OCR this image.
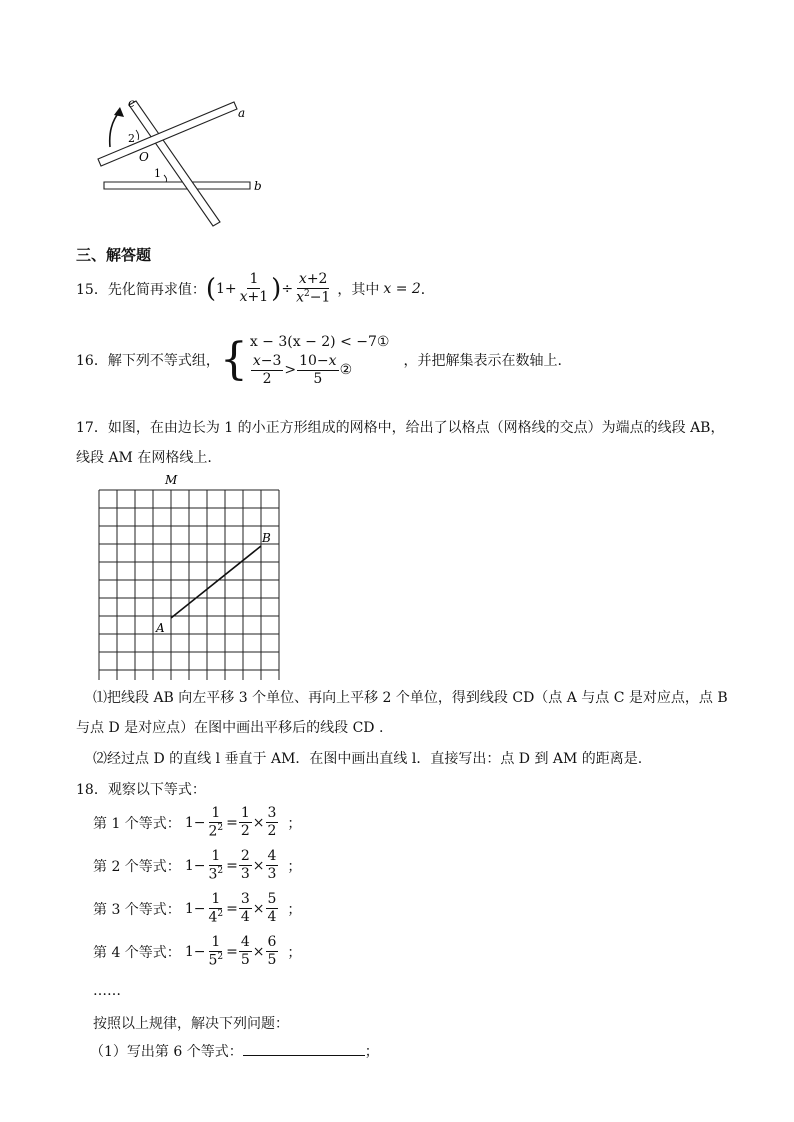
a
b
c
O
1
2
三、解答题
15． 先化简再求值： ( $1+ \frac{1}{x+1}$ ) ÷ $\frac{x+2}{x^2-1}$ ，其中 x = 2 ．
16． 解下列不等式组， { x − 3(x − 2) < −7①
$\frac{x-3}{2} > \frac{10-x}{5}$ ②
，并把解集表示在数轴上.
17．如图，在由边长为 1 的小正方形组成的网格中，给出了以格点（网格线的交点）为端点的线段 AB，
线段 AM 在网格线上.
M
A
B
⑴把线段 AB 向左平移 3 个单位、再向上平移 2 个单位，得到线段 CD（点 A 与点 C 是对应点，点 B
与点 D 是对应点）在图中画出平移后的线段 CD .
⑵经过点 D 的直线 l 垂直于 AM．在图中画出直线 l．直接写出：点 D 到 AM 的距离是.
18．观察以下等式：
第 1 个等式： $1- \frac{1}{2^2} = \frac{1}{2} \times \frac{3}{2}$ ；
第 2 个等式： $1- \frac{1}{3^2} = \frac{2}{3} \times \frac{4}{3}$ ；
第 3 个等式： $1- \frac{1}{4^2} = \frac{3}{4} \times \frac{5}{4}$ ；
第 4 个等式： $1- \frac{1}{5^2} = \frac{4}{5} \times \frac{6}{5}$ ；
……
按照以上规律，解决下列问题：
（1）写出第 6 个等式：	；
